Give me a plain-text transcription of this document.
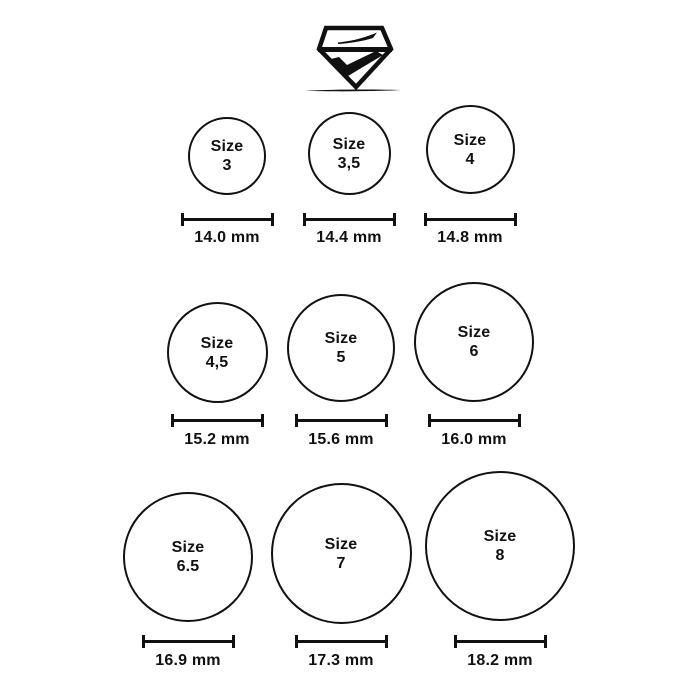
Size
3
14.0 mm
Size
3,5
14.4 mm
Size
4
14.8 mm
Size
4,5
15.2 mm
Size
5
15.6 mm
Size
6
16.0 mm
Size
6.5
16.9 mm
Size
7
17.3 mm
Size
8
18.2 mm
